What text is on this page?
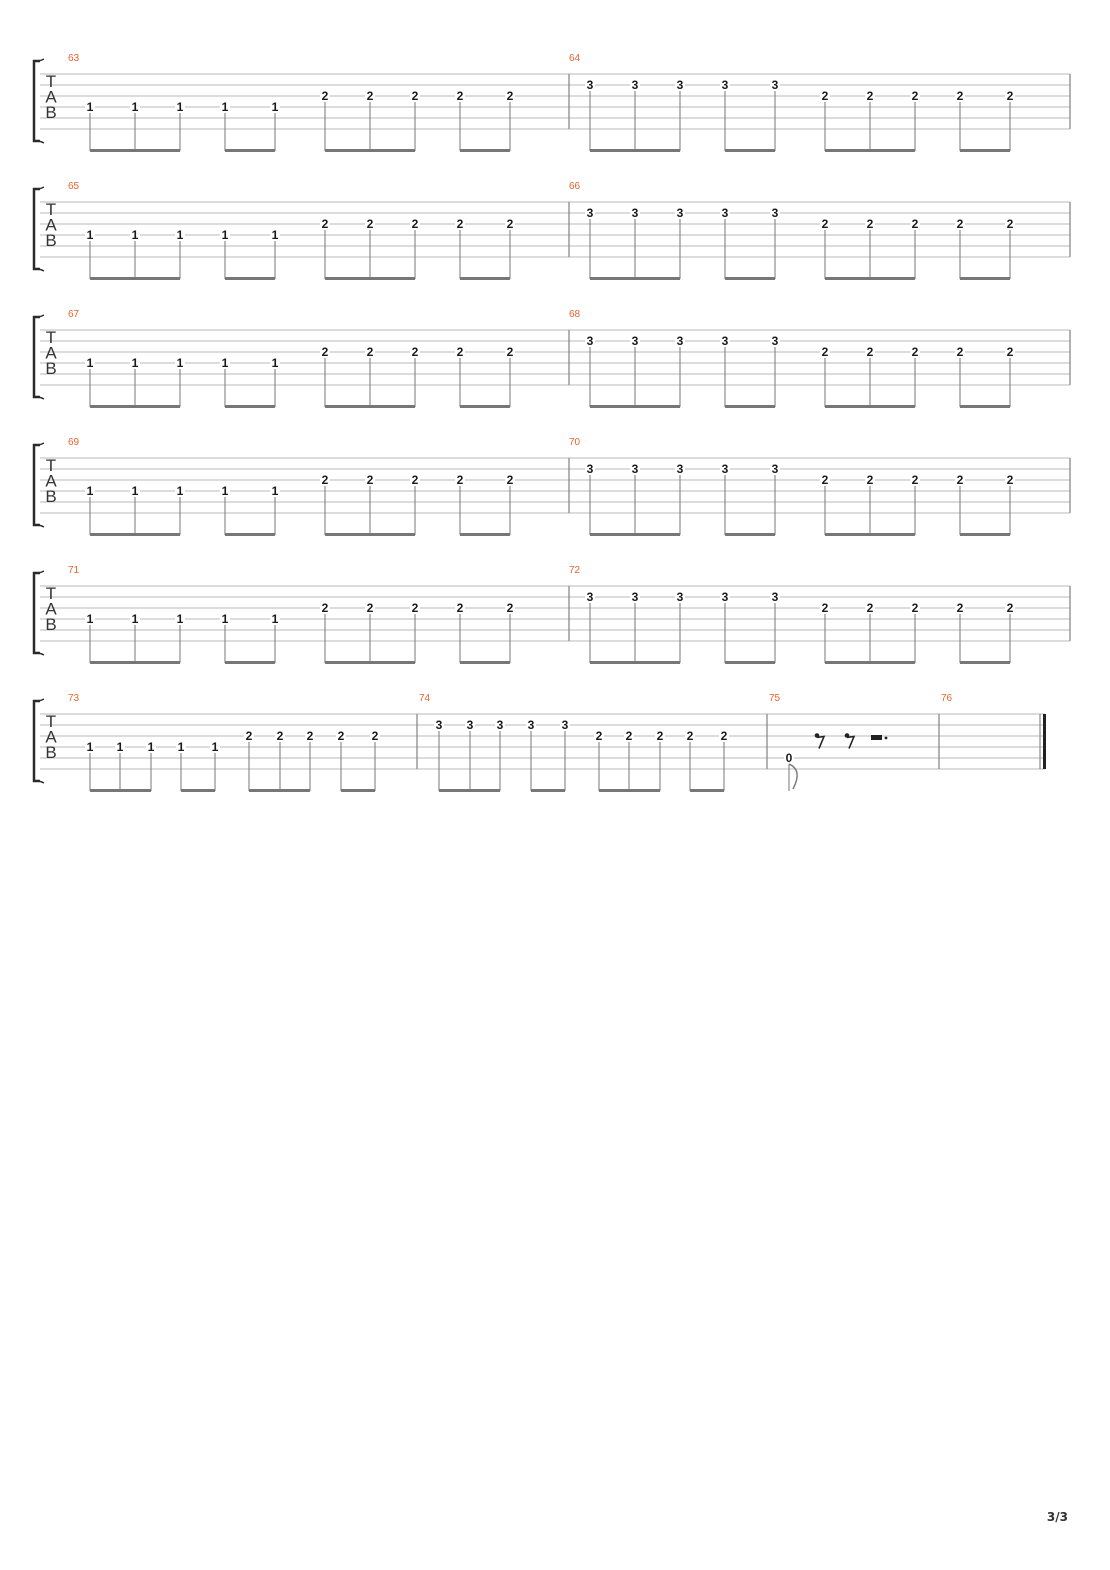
T
A
B
63
1	1	1	1	1
2	2	2	2	2
64
3	3	3	3	3
2	2	2	2	2
T
A
B
65
1	1	1	1	1
2	2	2	2	2
66
3	3	3	3	3
2	2	2	2	2
T
A
B
67
1	1	1	1	1
2	2	2	2	2
68
3	3	3	3	3
2	2	2	2	2
T
A
B
69
1	1	1	1	1
2	2	2	2	2
70
3	3	3	3	3
2	2	2	2	2
T
A
B
71
1	1	1	1	1
2	2	2	2	2
72
3	3	3	3	3
2	2	2	2	2
T
A
B
73
1 1 1 1 1
2 2 2 2 2
74
3 3 3 3 3
2 2 2 2 2
75
0
76
3/3
